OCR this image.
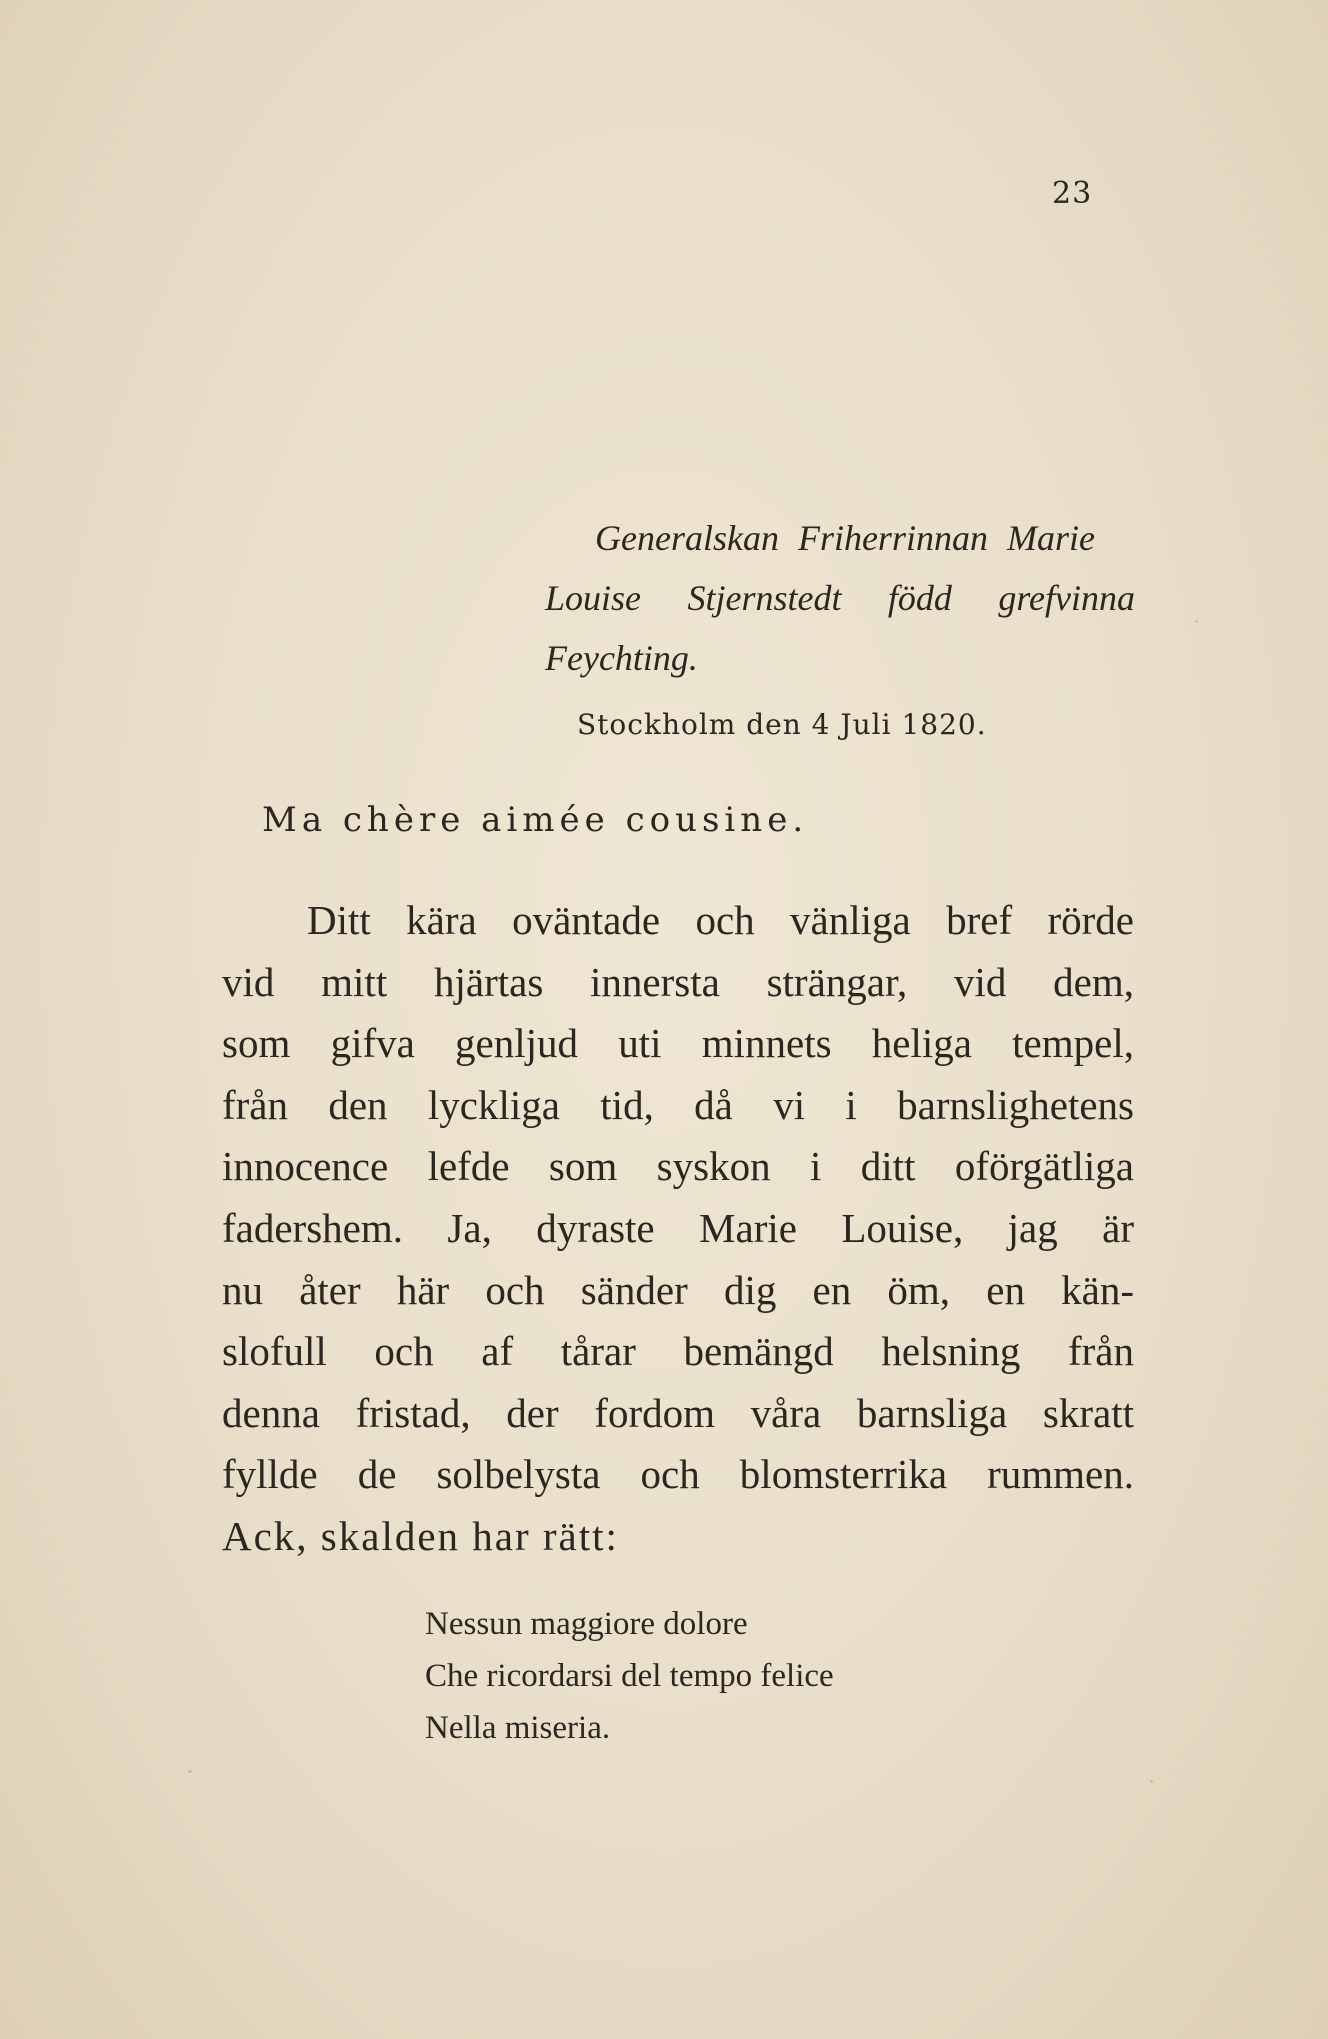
23
Generalskan Friherrinnan Marie
Louise Stjernstedt född grefvinna
Feychting.
Stockholm den 4 Juli 1820.
Ma chère aimée cousine.
Ditt kära oväntade och vänliga bref rörde
vid mitt hjärtas innersta strängar, vid dem,
som gifva genljud uti minnets heliga tempel,
från den lyckliga tid, då vi i barnslighetens
innocence lefde som syskon i ditt oförgätliga
fadershem. Ja, dyraste Marie Louise, jag är
nu åter här och sänder dig en öm, en kän-
slofull och af tårar bemängd helsning från
denna fristad, der fordom våra barnsliga skratt
fyllde de solbelysta och blomsterrika rummen.
Ack, skalden har rätt:
Nessun maggiore dolore
Che ricordarsi del tempo felice
Nella miseria.
